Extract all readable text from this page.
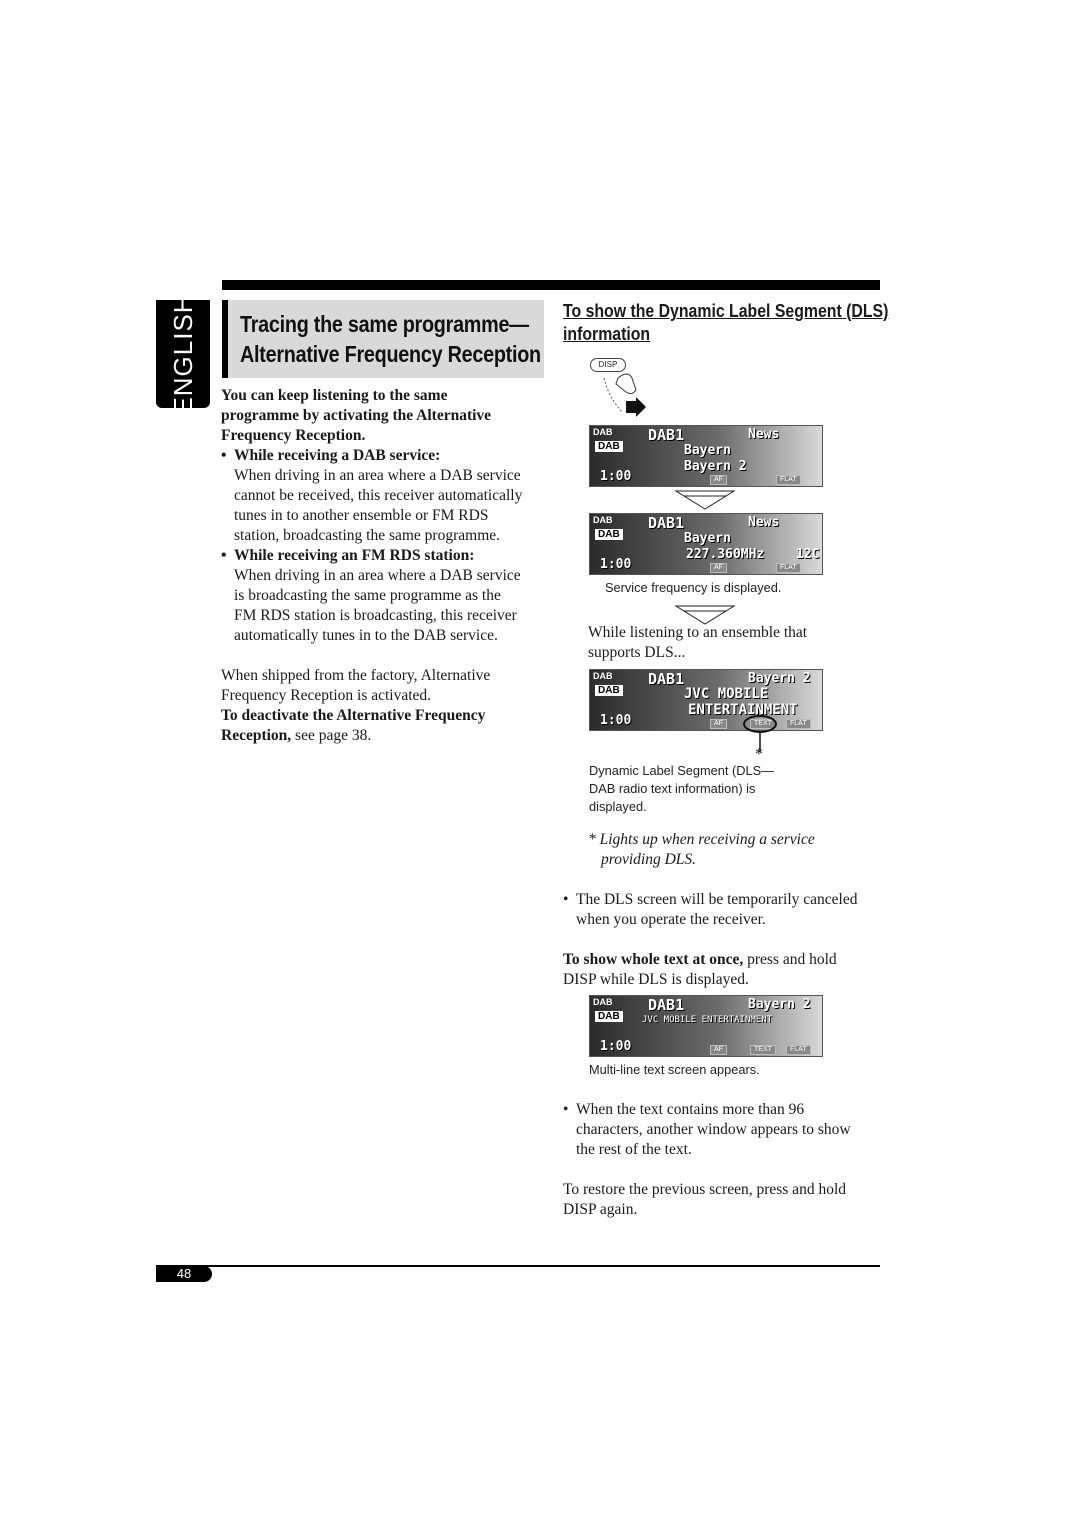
ENGLISH	Tracing the same programme—
Alternative Frequency Reception

You can keep listening to the same

programme by activating the Alternative

Frequency Reception.

• While receiving a DAB service:

When driving in an area where a DAB service

cannot be received, this receiver automatically

tunes in to another ensemble or FM RDS

station, broadcasting the same programme.

• While receiving an FM RDS station:

When driving in an area where a DAB service

is broadcasting the same programme as the

FM RDS station is broadcasting, this receiver

automatically tunes in to the DAB service.

When shipped from the factory, Alternative

Frequency Reception is activated.

To deactivate the Alternative Frequency

Reception, see page 38.

To show the Dynamic Label Segment (DLS)
information
DISP
DAB
DAB
DAB1	News
Bayern
Bayern 2
1:00	AF	FLAT
DAB
DAB
DAB1	News
Bayern
227.360MHz 12C
1:00	AF	FLAT
Service frequency is displayed.
While listening to an ensemble that
supports DLS...
DAB
DAB
DAB1	Bayern 2
JVC MOBILE
ENTERTAINMENT
1:00	AF	TEXT	FLAT
*
Dynamic Label Segment (DLS—
DAB radio text information) is
displayed.
* Lights up when receiving a service
providing DLS.
• The DLS screen will be temporarily canceled
when you operate the receiver.
To show whole text at once, press and hold
DISP while DLS is displayed.
DAB
DAB
DAB1	Bayern 2
JVC MOBILE ENTERTAINMENT
1:00	AF	TEXT	FLAT
Multi-line text screen appears.
• When the text contains more than 96
characters, another window appears to show
the rest of the text.
To restore the previous screen, press and hold
DISP again.
48
